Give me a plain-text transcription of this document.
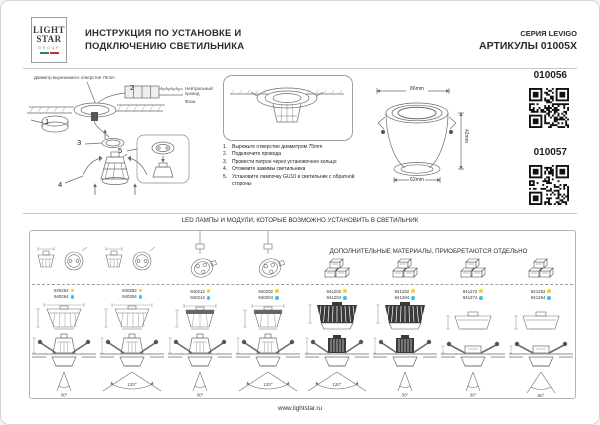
LIGHT
STAR
GROUP
ИНСТРУКЦИЯ ПО УСТАНОВКЕ И
ПОДКЛЮЧЕНИЮ СВЕТИЛЬНИКА
СЕРИЯ LEVIGO
АРТИКУЛЫ 01005X
Диаметр вырезаемого отверстия 75mm
Нейтральный провод
Фаза
1
2
3
4
5	Вырежьте отверстие диаметром 75mm
Подключите провода
Провести патрон через установочное кольцо
Отожмите зажимы светильника
Установите лампочку GU10 в светильник с обратной стороны
86mm
42mm
62mm
010056
010057
LED ЛАМПЫ И МОДУЛИ, КОТОРЫЕ ВОЗМОЖНО УСТАНОВИТЬ В СВЕТИЛЬНИК
ДОПОЛНИТЕЛЬНЫЕ МАТЕРИАЛЫ, ПРИОБРЕТАЮТСЯ ОТДЕЛЬНО
940262
940264
30°
940292
940294
120°
940212
940214
30°
940202
940204
120°
941202
941204
120°
941282
941284
30°
941272
941274
30°
941252
941254
60°
www.lightstar.ru
